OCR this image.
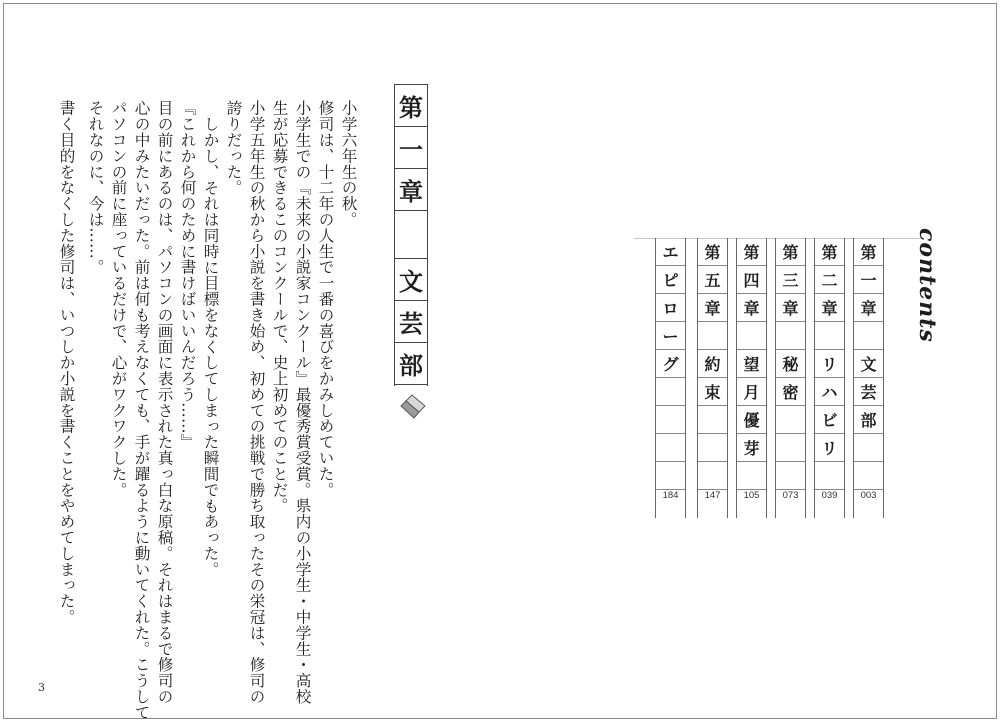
小学六年生の秋。
修司は、十二年の人生で一番の喜びをかみしめていた。
小学生での『未来の小説家コンクール』最優秀賞受賞。県内の小学生・中学生・高校
生が応募できるこのコンクールで、史上初めてのことだ。
小学五年生の秋から小説を書き始め、初めての挑戦で勝ち取ったその栄冠は、修司の
誇りだった。
しかし、それは同時に目標をなくしてしまった瞬間でもあった。
『これから何のために書けばいいんだろう……』
目の前にあるのは、パソコンの画面に表示された真っ白な原稿。それはまるで修司の
心の中みたいだった。前は何も考えなくても、手が躍るように動いてくれた。こうして
パソコンの前に座っているだけで、心がワクワクした。
それなのに、今は……。
書く目的をなくした修司は、いつしか小説を書くことをやめてしまった。
3
第
一
章
文
芸
部
contents
第
一
章
文
芸
部
003
第
二
章
リ
ハ
ビ
リ
039
第
三
章
秘
密
073
第
四
章
望
月
優
芽
105
第
五
章
約
束
147
エ
ピ
ロ
ー
グ
184
